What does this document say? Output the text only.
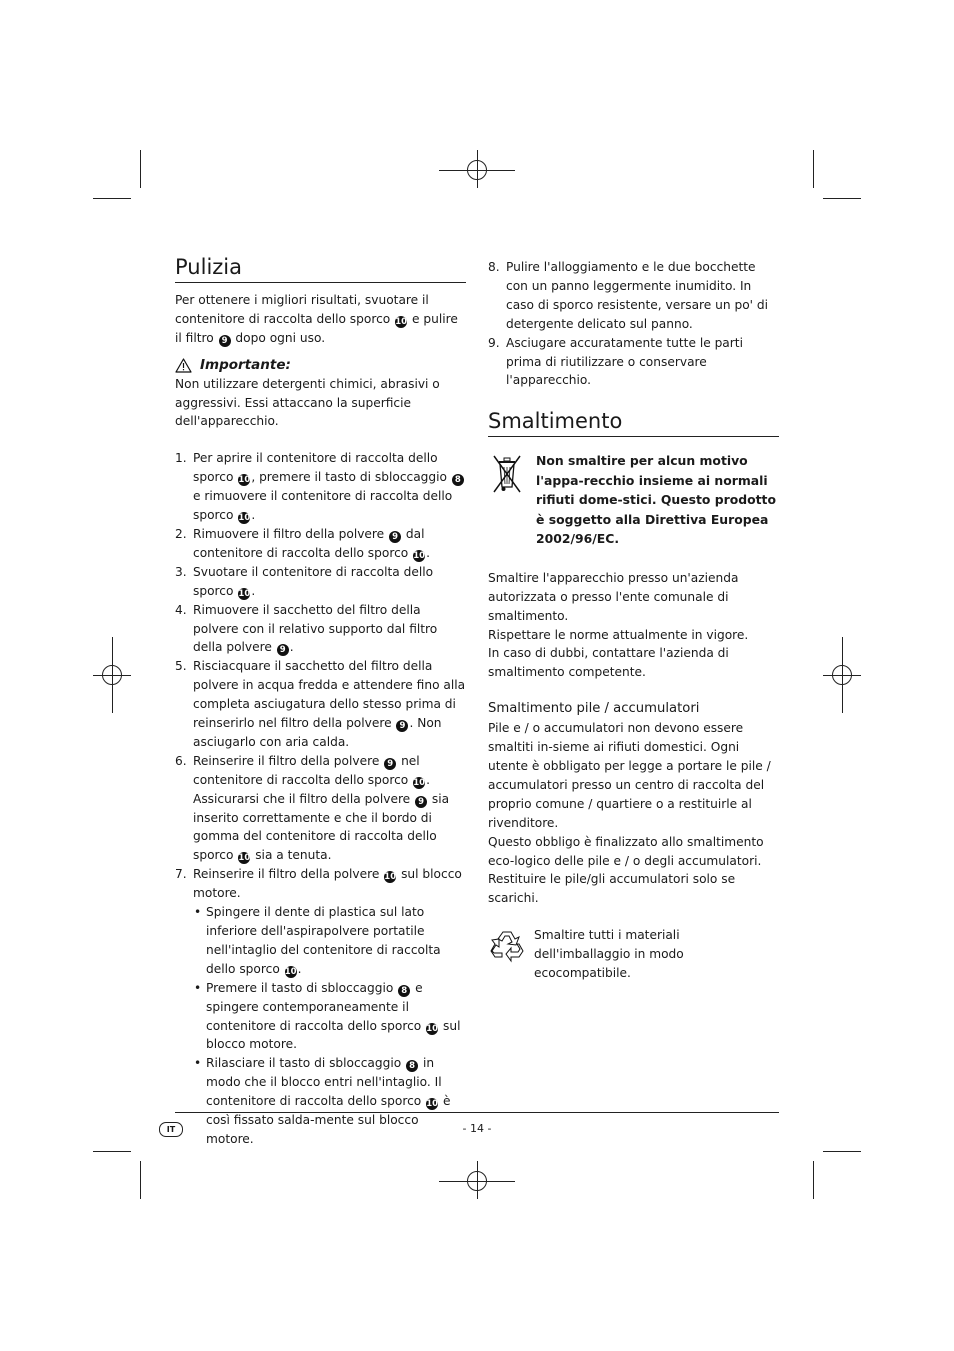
Pulizia

Per ottenere i migliori risultati, svuotare il contenitore di raccolta dello sporco 10 e pulire il filtro 9 dopo ogni uso.

Importante:

Non utilizzare detergenti chimici, abrasivi o aggressivi. Essi attaccano la superficie dell'apparecchio.

1. Per aprire il contenitore di raccolta dello sporco 10, premere il tasto di sbloccaggio 8 e rimuovere il contenitore di raccolta dello sporco 10.
2. Rimuovere il filtro della polvere 9 dal contenitore di raccolta dello sporco 10.
3. Svuotare il contenitore di raccolta dello sporco 10.
4. Rimuovere il sacchetto del filtro della polvere con il relativo supporto dal filtro della polvere 9 .
5. Risciacquare il sacchetto del filtro della polvere in acqua fredda e attendere fino alla completa asciugatura dello stesso prima di reinserirlo nel filtro della polvere 9 . Non asciugarlo con aria calda.
6. Reinserire il filtro della polvere 9 nel contenitore di raccolta dello sporco 10. Assicurarsi che il filtro della polvere 9 sia inserito correttamente e che il bordo di gomma del contenitore di raccolta dello sporco 10 sia a tenuta.
7. Reinserire il filtro della polvere 10 sul blocco motore.
• Spingere il dente di plastica sul lato inferiore dell'aspirapolvere portatile nell'intaglio del contenitore di raccolta dello sporco 10.
• Premere il tasto di sbloccaggio 8 e spingere contemporaneamente il contenitore di raccolta dello sporco 10 sul blocco motore.
• Rilasciare il tasto di sbloccaggio 8 in modo che il blocco entri nell'intaglio. Il contenitore di raccolta dello sporco 10 è così fissato salda-mente sul blocco motore.
8. Pulire l'alloggiamento e le due bocchette con un panno leggermente inumidito. In caso di sporco resistente, versare un po' di detergente delicato sul panno.
9. Asciugare accuratamente tutte le parti prima di riutilizzare o conservare l'apparecchio.
Smaltimento

Non smaltire per alcun motivo l'appa-recchio insieme ai normali rifiuti dome-stici. Questo prodotto è soggetto alla Direttiva Europea 2002/96/EC.

Smaltire l'apparecchio presso un'azienda autorizzata o presso l'ente comunale di smaltimento.

Rispettare le norme attualmente in vigore.

In caso di dubbi, contattare l'azienda di smaltimento competente.

Smaltimento pile / accumulatori

Pile e / o accumulatori non devono essere smaltiti in-sieme ai rifiuti domestici. Ogni utente è obbligato per legge a portare le pile / accumulatori presso un centro di raccolta del proprio comune / quartiere o a restituirle al rivenditore.

Questo obbligo è finalizzato allo smaltimento eco-logico delle pile e / o degli accumulatori. Restituire le pile/gli accumulatori solo se scarichi.

Smaltire tutti i materiali dell'imballaggio in modo ecocompatibile.

IT	- 14 -
